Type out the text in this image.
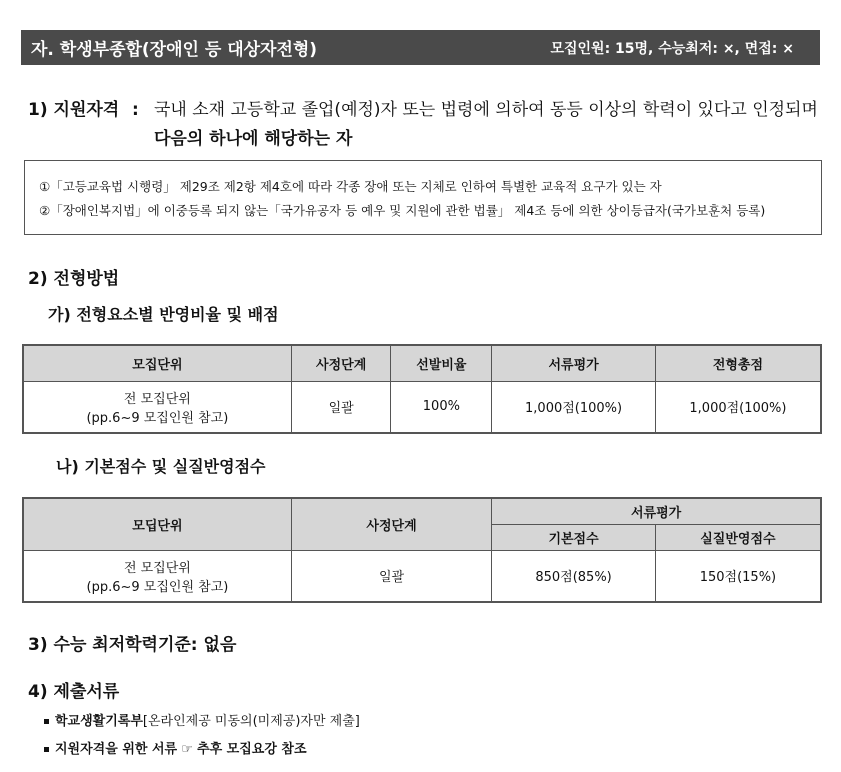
자. 학생부종합(장애인 등 대상자전형)	모집인원: 15명, 수능최저: ×, 면접: ×
1) 지원자격 : 국내 소재 고등학교 졸업(예정)자 또는 법령에 의하여 동등 이상의 학력이 있다고 인정되며
다음의 하나에 해당하는 자
①「고등교육법 시행령」 제29조 제2항 제4호에 따라 각종 장애 또는 지체로 인하여 특별한 교육적 요구가 있는 자
②「장애인복지법」에 이중등록 되지 않는「국가유공자 등 예우 및 지원에 관한 법률」 제4조 등에 의한 상이등급자(국가보훈처 등록)
2) 전형방법
가) 전형요소별 반영비율 및 배점
모집단위	사정단계	선발비율	서류평가	전형총점

전 모집단위
(pp.6~9 모집인원 참고)	일괄	100%	1,000점(100%)	1,000점(100%)
나) 기본점수 및 실질반영점수
모딥단위	사정단계	서류평가	
		기본점수	실질반영점수

전 모집단위
(pp.6~9 모집인원 참고)	일괄	850점(85%)	150점(15%)
3) 수능 최저학력기준: 없음
4) 제출서류
학교생활기록부[온라인제공 미동의(미제공)자만 제출]
지원자격을 위한 서류 ☞ 추후 모집요강 참조
